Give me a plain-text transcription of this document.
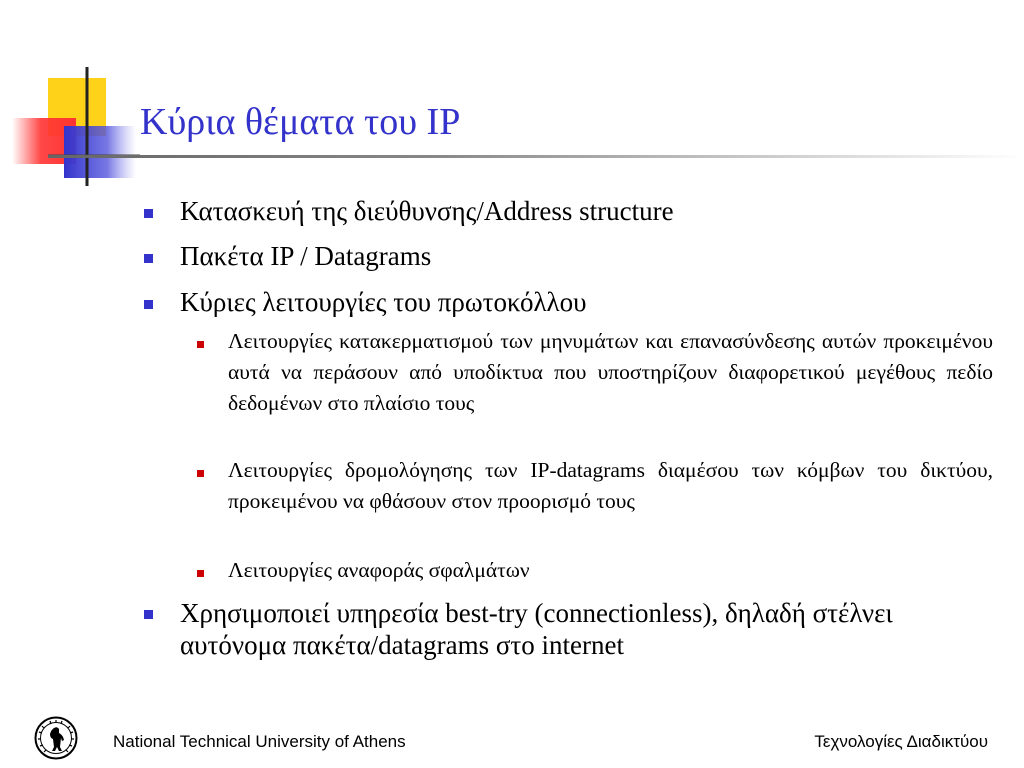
Κύρια θέματα του IP
Κατασκευή της διεύθυνσης/Address structure
Πακέτα IP / Datagrams
Κύριες λειτουργίες του πρωτοκόλλου
Λειτουργίες κατακερματισμού των μηνυμάτων και επανασύνδεσης αυτών προκειμένου αυτά να περάσουν από υποδίκτυα που υποστηρίζουν διαφορετικού μεγέθους πεδίο δεδομένων στο πλαίσιο τους
Λειτουργίες δρομολόγησης των IP-datagrams διαμέσου των κόμβων του δικτύου, προκειμένου να φθάσουν στον προορισμό τους
Λειτουργίες αναφοράς σφαλμάτων
Χρησιμοποιεί υπηρεσία best-try (connectionless), δηλαδή στέλνει αυτόνομα πακέτα/datagrams στο internet
National Technical University of Athens	Τεχνολογίες Διαδικτύου
